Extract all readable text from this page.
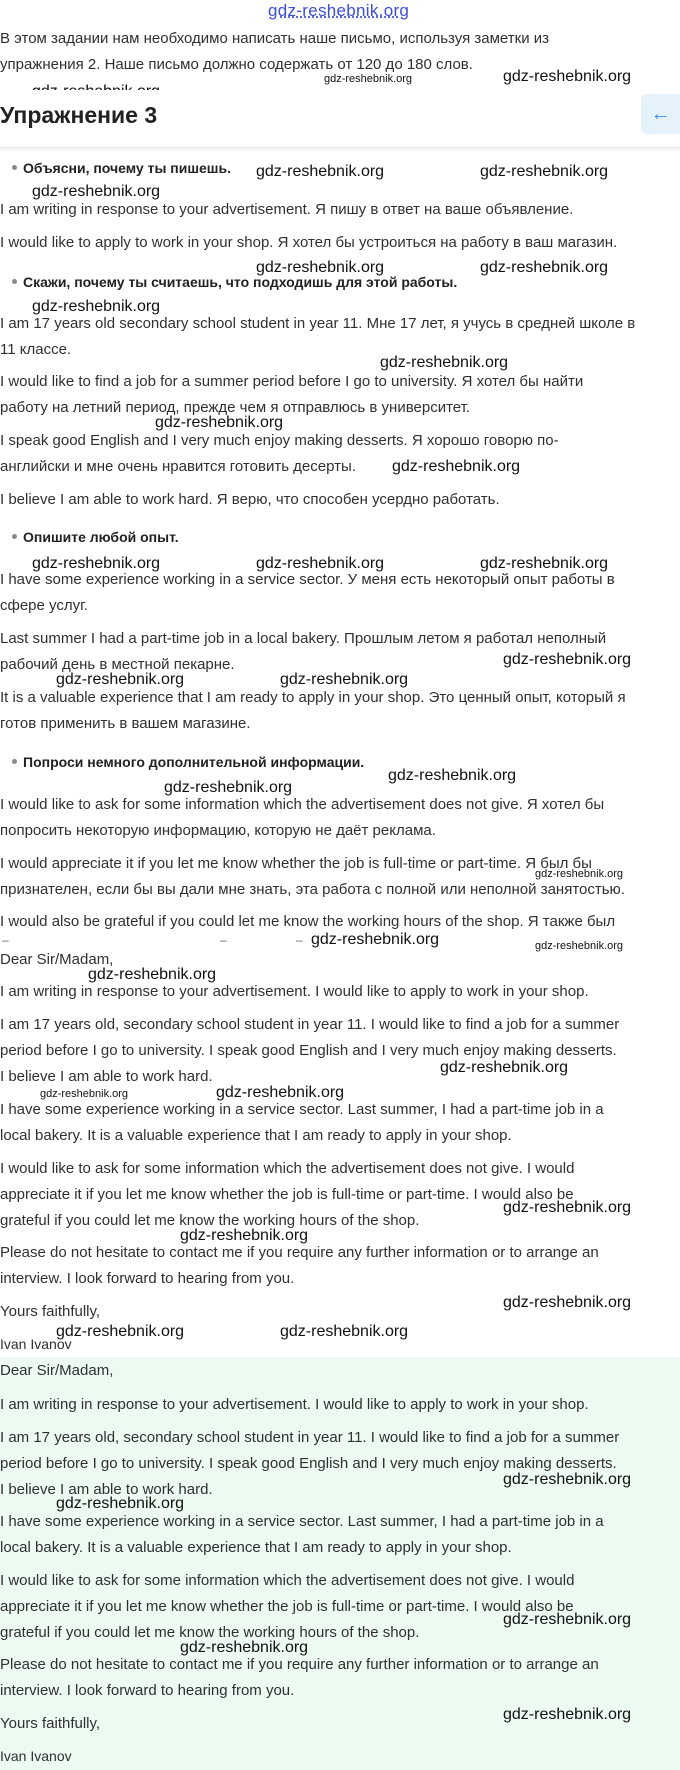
gdz-reshebnik.org
В этом задании нам необходимо написать наше письмо, используя заметки из
упражнения 2. Наше письмо должно содержать от 120 до 180 слов.
gdz-reshebnik.org	gdz-reshebnik.org
Упражнение 3	←
Объясни, почему ты пишешь. gdz-reshebnik.org	gdz-reshebnik.org
gdz-reshebnik.org
I am writing in response to your advertisement. Я пишу в ответ на ваше объявление.
I would like to apply to work in your shop. Я хотел бы устроиться на работу в ваш магазин.
Скажи, почему ты считаешь, что подходишь для этой работы.
gdz-reshebnik.org	gdz-reshebnik.org
gdz-reshebnik.org
I am 17 years old secondary school student in year 11. Мне 17 лет, я учусь в средней школе в
11 классе.
gdz-reshebnik.org
I would like to find a job for a summer period before I go to university. Я хотел бы найти
работу на летний период, прежде чем я отправлюсь в университет.
gdz-reshebnik.org
I speak good English and I very much enjoy making desserts. Я хорошо говорю по-
английски и мне очень нравится готовить десерты.	gdz-reshebnik.org
I believe I am able to work hard. Я верю, что способен усердно работать.
Опишите любой опыт.
gdz-reshebnik.org	gdz-reshebnik.org	gdz-reshebnik.org
I have some experience working in a service sector. У меня есть некоторый опыт работы в
сфере услуг.
Last summer I had a part-time job in a local bakery. Прошлым летом я работал неполный
рабочий день в местной пекарне.	gdz-reshebnik.org
gdz-reshebnik.org	gdz-reshebnik.org
It is a valuable experience that I am ready to apply in your shop. Это ценный опыт, который я
готов применить в вашем магазине.
Попроси немного дополнительной информации.
gdz-reshebnik.org
gdz-reshebnik.org
I would like to ask for some information which the advertisement does not give. Я хотел бы
попросить некоторую информацию, которую не даёт реклама.
I would appreciate it if you let me know whether the job is full-time or part-time. Я был бы
признателен, если бы вы дали мне знать, эта работа с полной или неполной занятостью.
gdz-reshebnik.org
I would also be grateful if you could let me know the working hours of the shop. Я также был
gdz-reshebnik.org
–	–	– gdz-reshebnik.org
Dear Sir/Madam,
gdz-reshebnik.org
I am writing in response to your advertisement. I would like to apply to work in your shop.
I am 17 years old, secondary school student in year 11. I would like to find a job for a summer
period before I go to university. I speak good English and I very much enjoy making desserts.
I believe I am able to work hard.
gdz-reshebnik.org
gdz-reshebnik.org	gdz-reshebnik.org
I have some experience working in a service sector. Last summer, I had a part-time job in a
local bakery. It is a valuable experience that I am ready to apply in your shop.
I would like to ask for some information which the advertisement does not give. I would
appreciate it if you let me know whether the job is full-time or part-time. I would also be
grateful if you could let me know the working hours of the shop.
gdz-reshebnik.org
gdz-reshebnik.org
Please do not hesitate to contact me if you require any further information or to arrange an
interview. I look forward to hearing from you.
Yours faithfully,
gdz-reshebnik.org
gdz-reshebnik.org	gdz-reshebnik.org
Ivan Ivanov
Dear Sir/Madam,
I am writing in response to your advertisement. I would like to apply to work in your shop.
I am 17 years old, secondary school student in year 11. I would like to find a job for a summer
period before I go to university. I speak good English and I very much enjoy making desserts.
I believe I am able to work hard.
gdz-reshebnik.org
gdz-reshebnik.org
I have some experience working in a service sector. Last summer, I had a part-time job in a
local bakery. It is a valuable experience that I am ready to apply in your shop.
I would like to ask for some information which the advertisement does not give. I would
appreciate it if you let me know whether the job is full-time or part-time. I would also be
grateful if you could let me know the working hours of the shop.
gdz-reshebnik.org
gdz-reshebnik.org
Please do not hesitate to contact me if you require any further information or to arrange an
interview. I look forward to hearing from you.
gdz-reshebnik.org
Yours faithfully,
Ivan Ivanov
